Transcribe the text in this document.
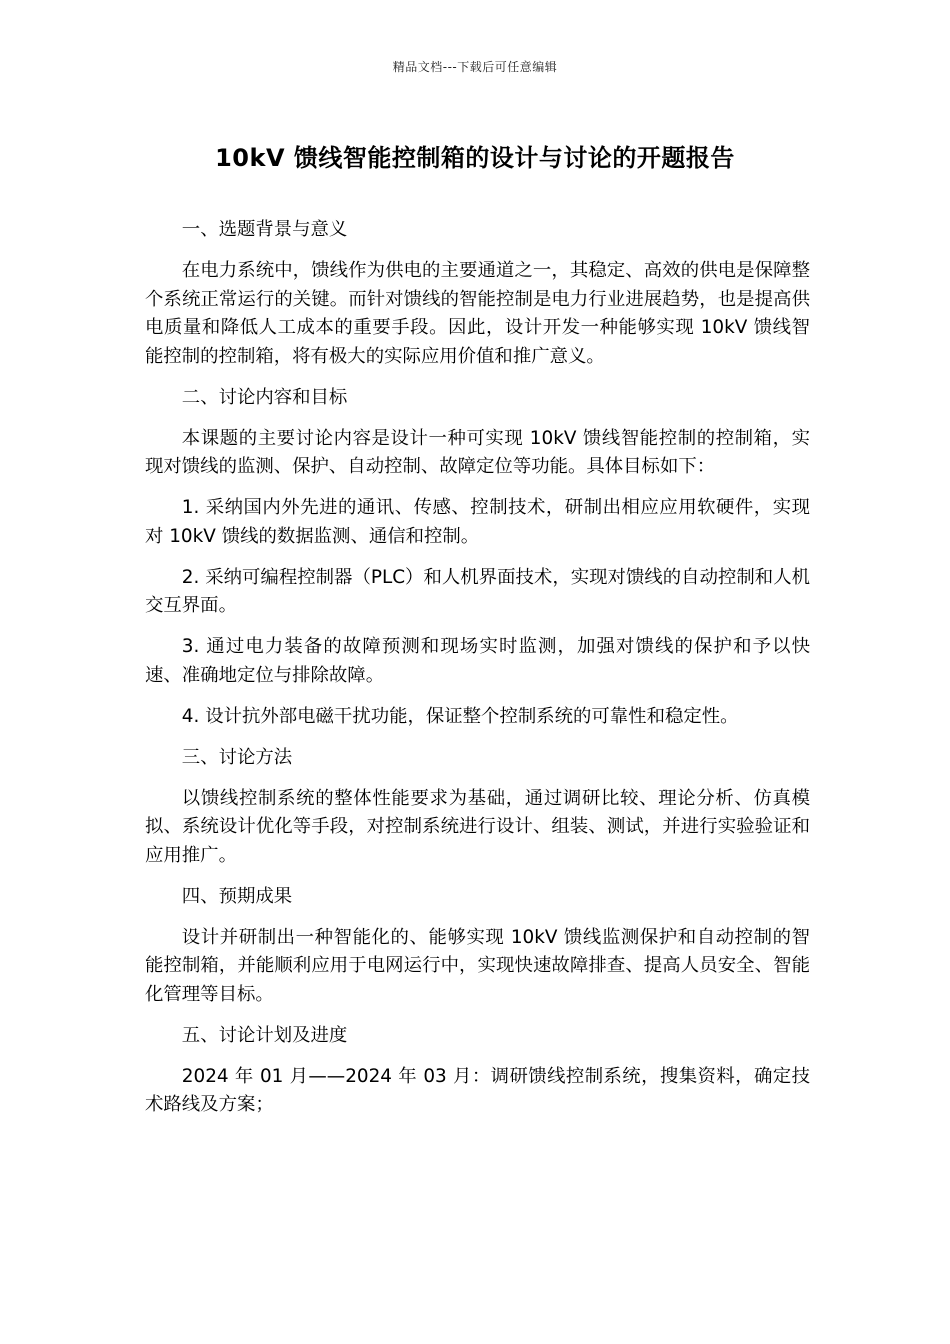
精品文档---下载后可任意编辑
10kV 馈线智能控制箱的设计与讨论的开题报告

一、选题背景与意义

在电力系统中，馈线作为供电的主要通道之一，其稳定、高效的供电是保障整个系统正常运行的关键。而针对馈线的智能控制是电力行业进展趋势，也是提高供电质量和降低人工成本的重要手段。因此，设计开发一种能够实现 10kV 馈线智能控制的控制箱，将有极大的实际应用价值和推广意义。

二、讨论内容和目标

本课题的主要讨论内容是设计一种可实现 10kV 馈线智能控制的控制箱，实现对馈线的监测、保护、自动控制、故障定位等功能。具体目标如下：

1. 采纳国内外先进的通讯、传感、控制技术，研制出相应应用软硬件，实现对 10kV 馈线的数据监测、通信和控制。

2. 采纳可编程控制器（PLC）和人机界面技术，实现对馈线的自动控制和人机交互界面。

3. 通过电力装备的故障预测和现场实时监测，加强对馈线的保护和予以快速、准确地定位与排除故障。

4. 设计抗外部电磁干扰功能，保证整个控制系统的可靠性和稳定性。

三、讨论方法

以馈线控制系统的整体性能要求为基础，通过调研比较、理论分析、仿真模拟、系统设计优化等手段，对控制系统进行设计、组装、测试，并进行实验验证和应用推广。

四、预期成果

设计并研制出一种智能化的、能够实现 10kV 馈线监测保护和自动控制的智能控制箱，并能顺利应用于电网运行中，实现快速故障排查、提高人员安全、智能化管理等目标。

五、讨论计划及进度

2024 年 01 月——2024 年 03 月：调研馈线控制系统，搜集资料，确定技术路线及方案；
